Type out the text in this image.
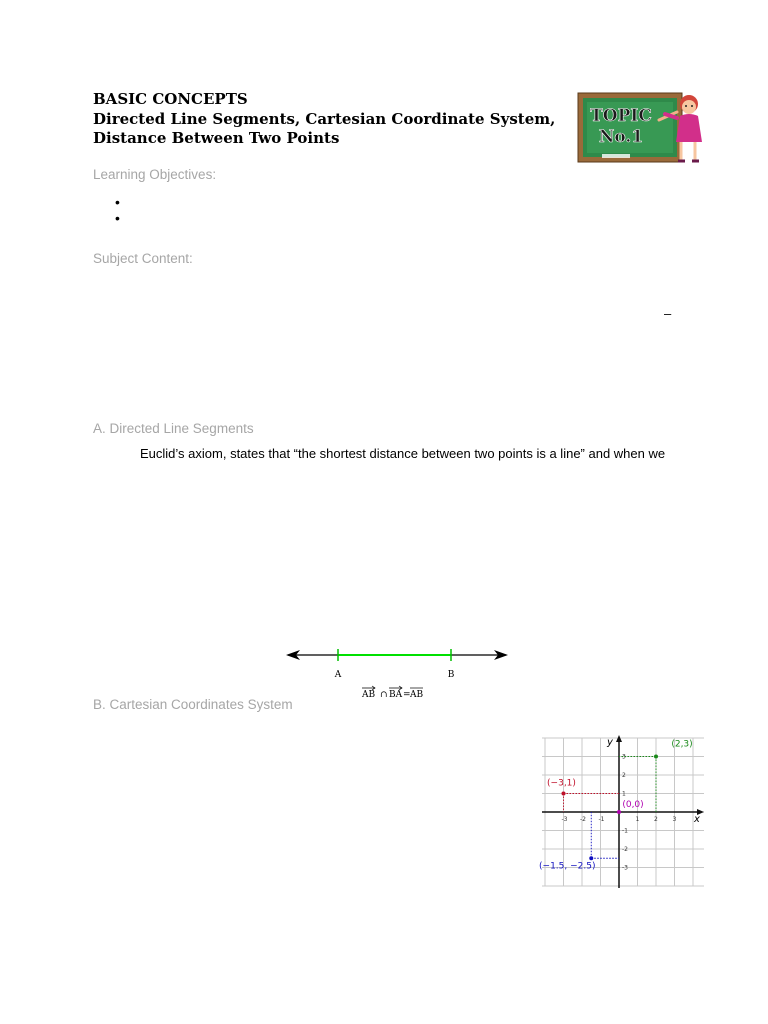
BASIC CONCEPTS
Directed Line Segments, Cartesian Coordinate System,
Distance Between Two Points
TOPIC
No.1
Learning Objectives:
•
•
Subject Content:
–
A. Directed Line Segments
Euclid’s axiom, states that “the shortest distance between two points is a line” and when we
A	B
AB ∩ BA = AB
B. Cartesian Coordinates System
-3 -2 -1	1 2 3
3
2
1
-1
-2
-3
(2,3)
(−3,1)
(0,0)
(−1.5, −2.5)
x
y
